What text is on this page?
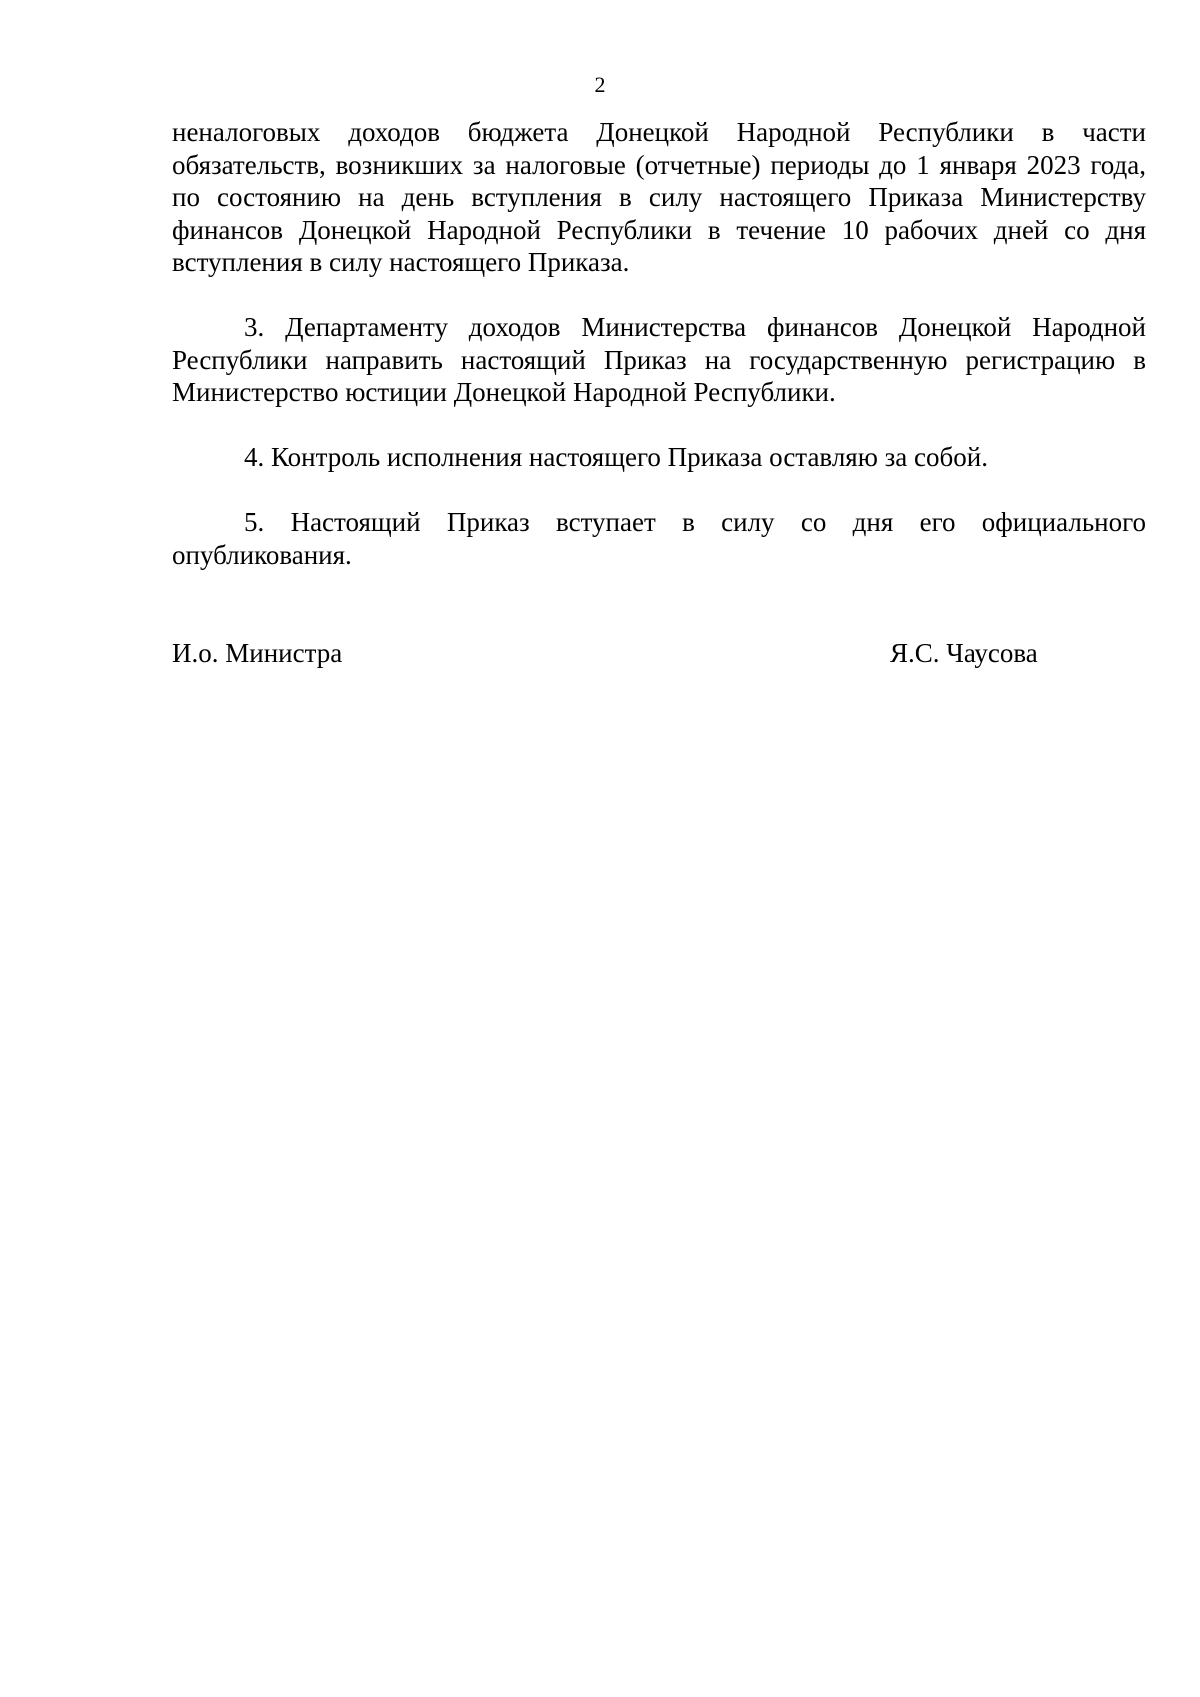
2

неналоговых доходов бюджета Донецкой Народной Республики в части обязательств, возникших за налоговые (отчетные) периоды до 1 января 2023 года, по состоянию на день вступления в силу настоящего Приказа Министерству финансов Донецкой Народной Республики в течение 10 рабочих дней со дня вступления в силу настоящего Приказа.

3. Департаменту доходов Министерства финансов Донецкой Народной Республики направить настоящий Приказ на государственную регистрацию в Министерство юстиции Донецкой Народной Республики.

4. Контроль исполнения настоящего Приказа оставляю за собой.

5. Настоящий Приказ вступает в силу со дня его официального опубликования.

И.о. Министра	Я.С. Чаусова
